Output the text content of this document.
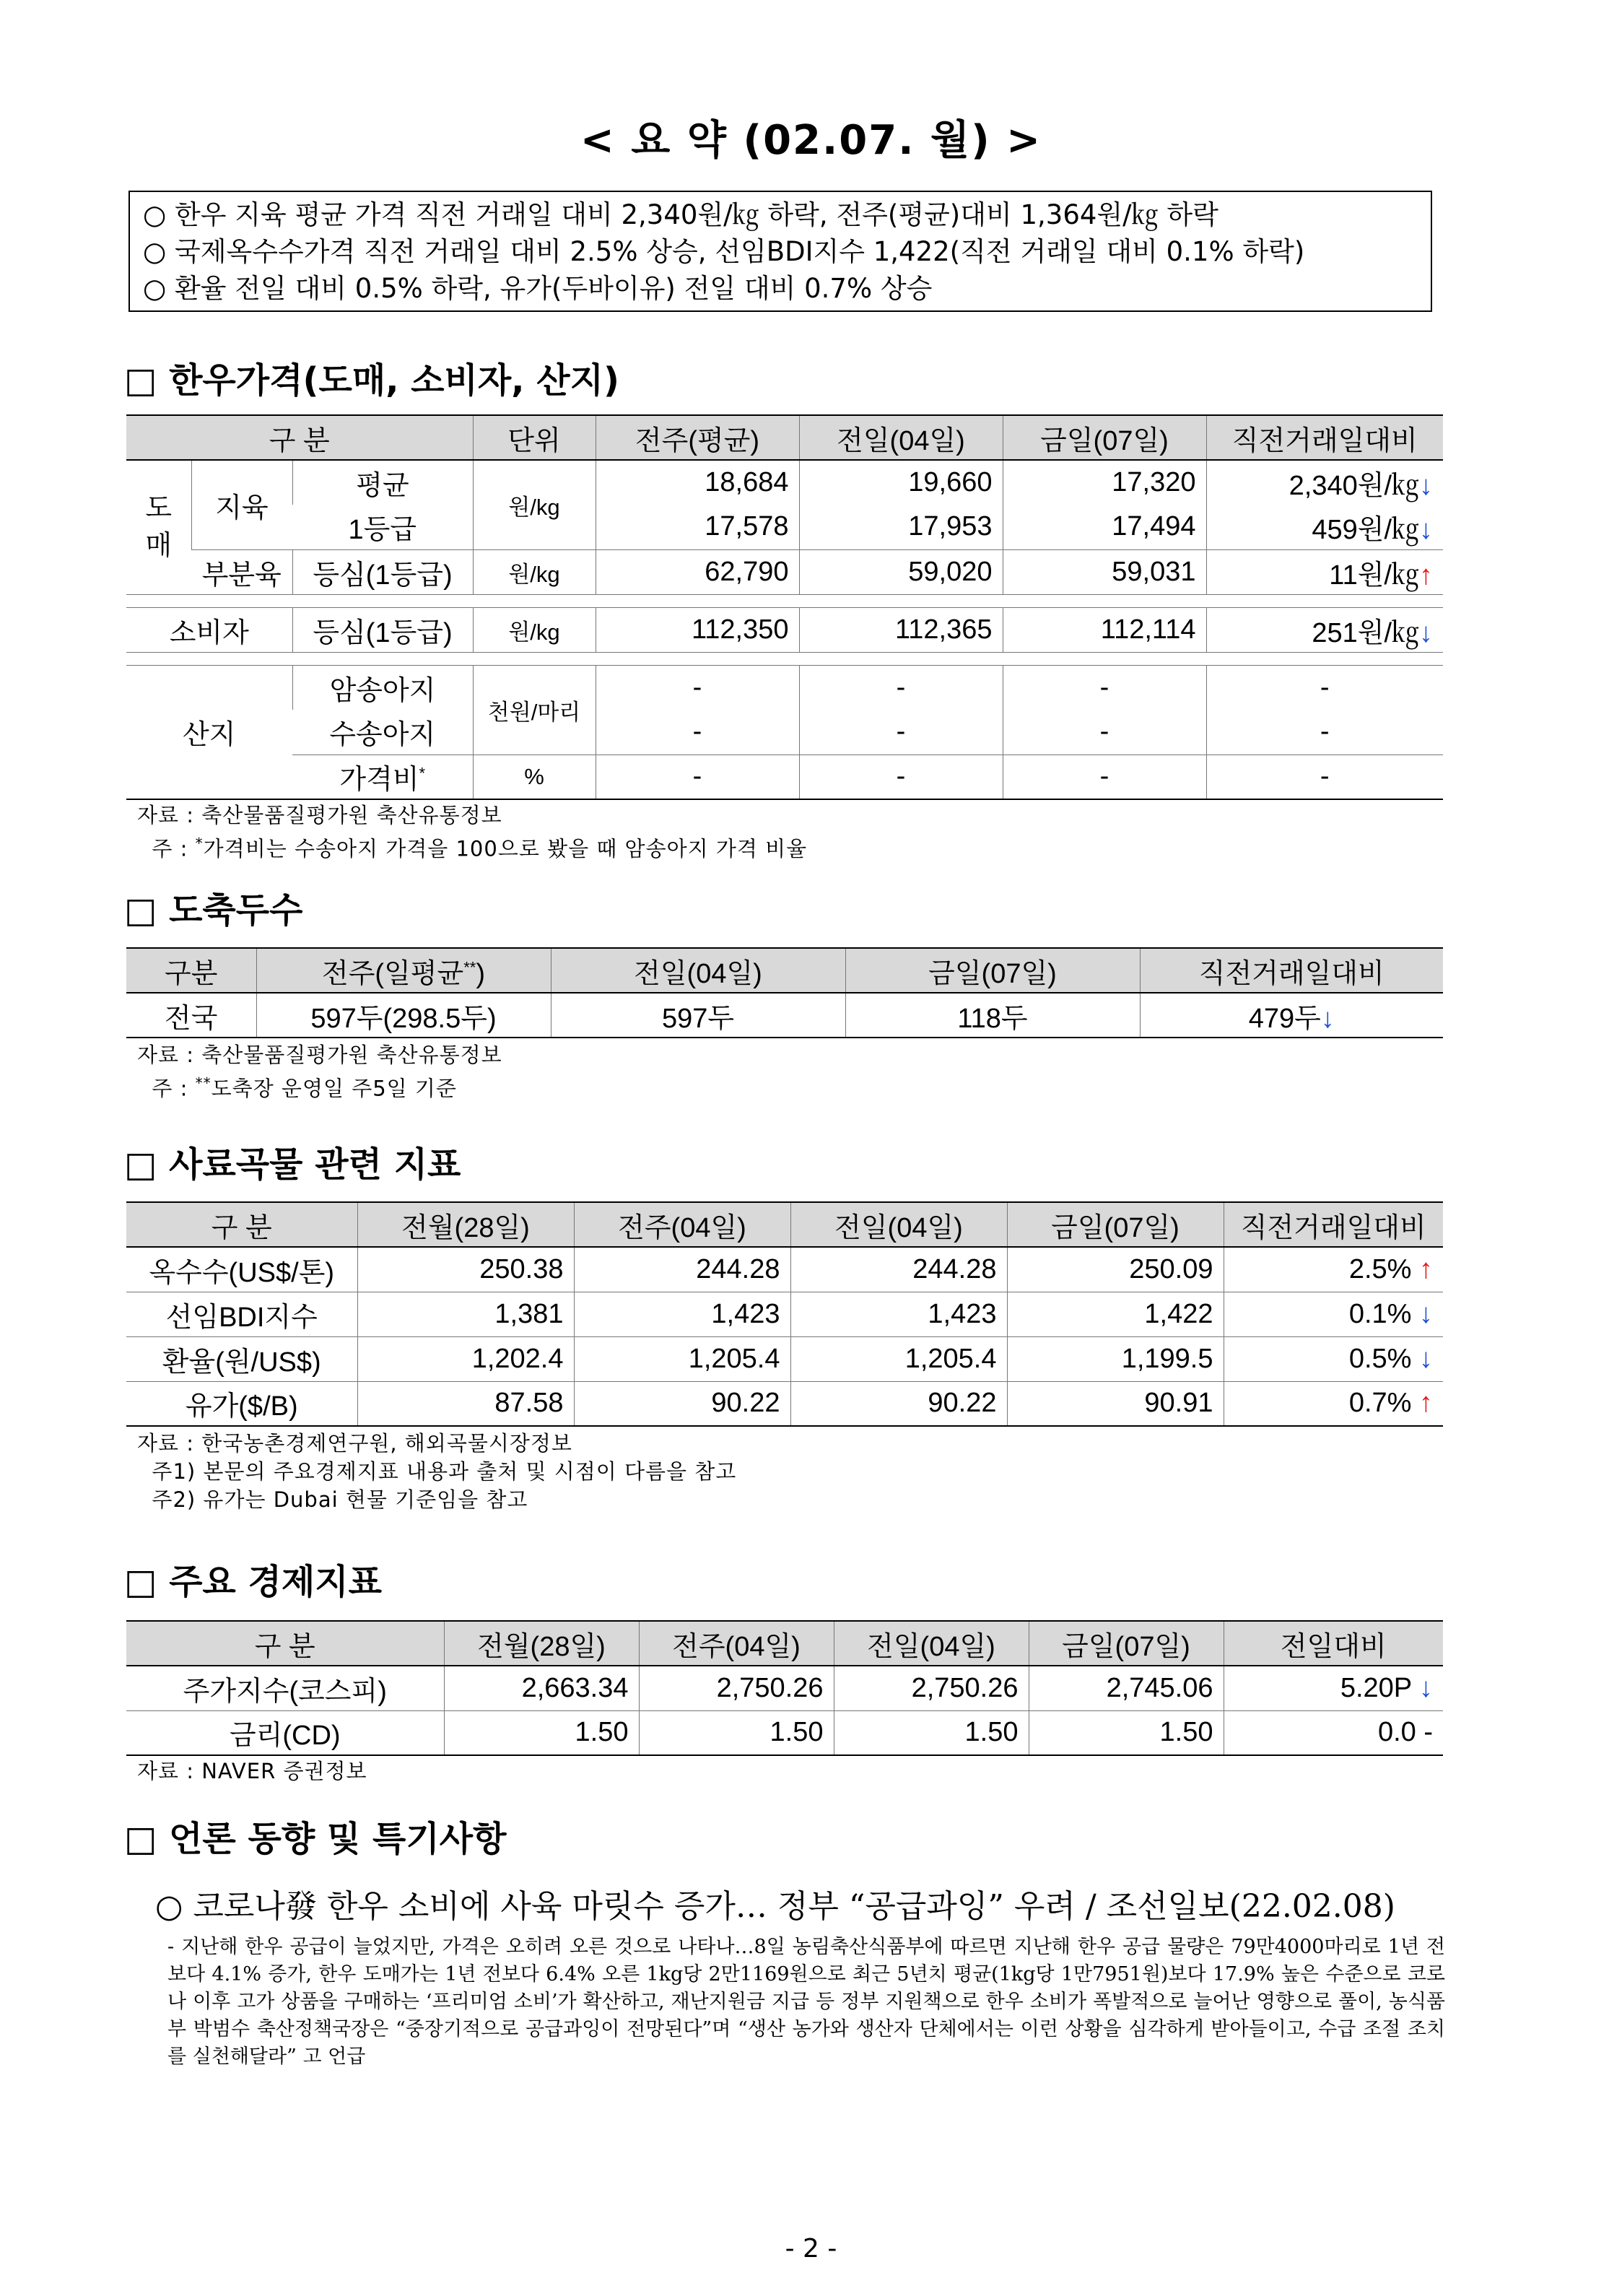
< 요 약 (02.07. 월) >
○ 한우 지육 평균 가격 직전 거래일 대비 2,340원/㎏ 하락, 전주(평균)대비 1,364원/㎏ 하락
○ 국제옥수수가격 직전 거래일 대비 2.5% 상승, 선임BDI지수 1,422(직전 거래일 대비 0.1% 하락)
○ 환율 전일 대비 0.5% 하락, 유가(두바이유) 전일 대비 0.7% 상승
□ 한우가격(도매, 소비자, 산지)
구 분			단위	전주(평균)	전일(04일)	금일(07일)	직전거래일대비
도
매	지육	평균	원/kg	18,684	19,660	17,320	2,340원/㎏↓
		1등급		17,578	17,953	17,494	459원/㎏↓
	부분육	등심(1등급)	원/kg	62,790	59,020	59,031	11원/㎏↑

소비자		등심(1등급)	원/kg	112,350	112,365	112,114	251원/㎏↓

산지		암송아지	천원/마리	-	-	-	-
		수송아지		-	-	-	-
		가격비*	%	-	-	-	-
자료 : 축산물품질평가원 축산유통정보
주 : *가격비는 수송아지 가격을 100으로 봤을 때 암송아지 가격 비율
□ 도축두수
구분	전주(일평균**)	전일(04일)	금일(07일)	직전거래일대비
전국	597두(298.5두)	597두	118두	479두↓
자료 : 축산물품질평가원 축산유통정보
주 : **도축장 운영일 주5일 기준
□ 사료곡물 관련 지표
구 분	전월(28일)	전주(04일)	전일(04일)	금일(07일)	직전거래일대비
옥수수(US$/톤)	250.38	244.28	244.28	250.09	2.5% ↑
선임BDI지수	1,381	1,423	1,423	1,422	0.1% ↓
환율(원/US$)	1,202.4	1,205.4	1,205.4	1,199.5	0.5% ↓
유가($/B)	87.58	90.22	90.22	90.91	0.7% ↑
자료 : 한국농촌경제연구원, 해외곡물시장정보
주1) 본문의 주요경제지표 내용과 출처 및 시점이 다름을 참고
주2) 유가는 Dubai 현물 기준임을 참고
□ 주요 경제지표
구 분	전월(28일)	전주(04일)	전일(04일)	금일(07일)	전일대비
주가지수(코스피)	2,663.34	2,750.26	2,750.26	2,745.06	5.20P ↓
금리(CD)	1.50	1.50	1.50	1.50	0.0 -
자료 : NAVER 증권정보
□ 언론 동향 및 특기사항
○ 코로나發 한우 소비에 사육 마릿수 증가… 정부 “공급과잉” 우려 / 조선일보(22.02.08)
- 지난해 한우 공급이 늘었지만, 가격은 오히려 오른 것으로 나타나…8일 농림축산식품부에 따르면 지난해 한우 공급 물량은 79만4000마리로 1년 전보다 4.1% 증가, 한우 도매가는 1년 전보다 6.4% 오른 1kg당 2만1169원으로 최근 5년치 평균(1kg당 1만7951원)보다 17.9% 높은 수준으로 코로나 이후 고가 상품을 구매하는 ‘프리미엄 소비’가 확산하고, 재난지원금 지급 등 정부 지원책으로 한우 소비가 폭발적으로 늘어난 영향으로 풀이, 농식품부 박범수 축산정책국장은 “중장기적으로 공급과잉이 전망된다”며 “생산 농가와 생산자 단체에서는 이런 상황을 심각하게 받아들이고, 수급 조절 조치를 실천해달라” 고 언급
- 2 -
